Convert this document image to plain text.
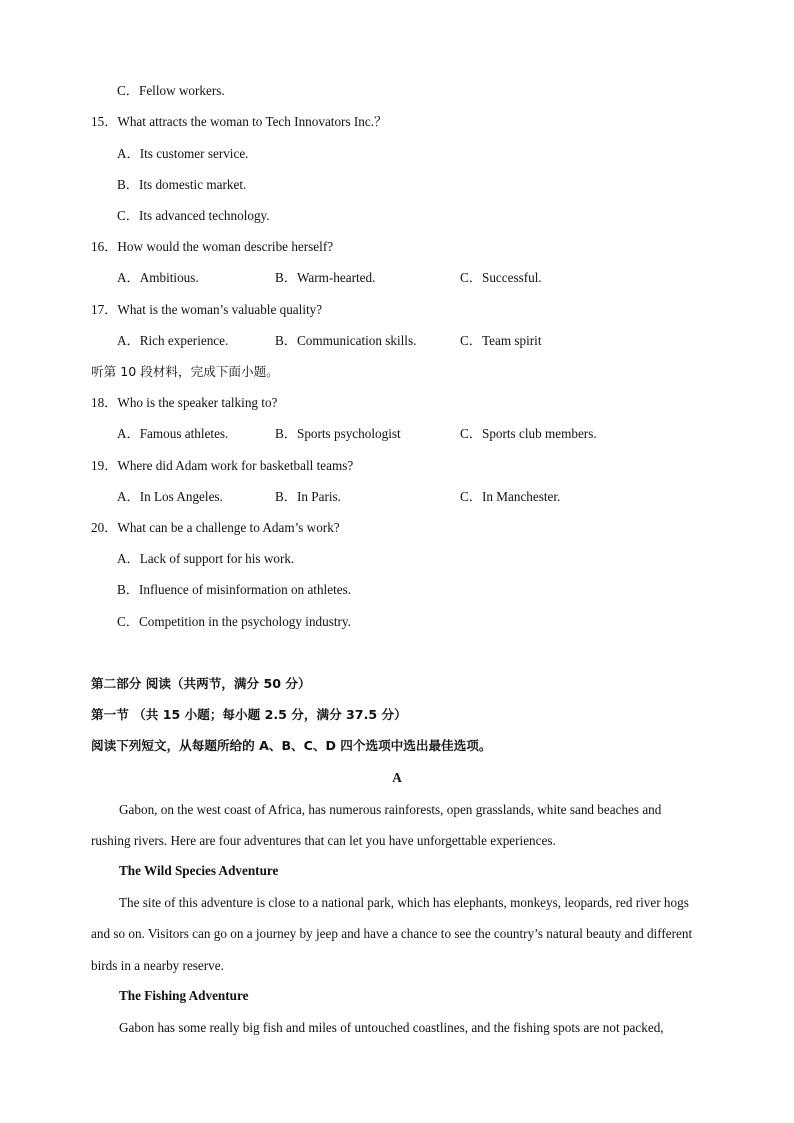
C．Fellow workers.
15．What attracts the woman to Tech Innovators Inc.？
A．Its customer service.
B．Its domestic market.
C．Its advanced technology.
16．How would the woman describe herself?
A．Ambitious.	B．Warm-hearted.	C．Successful.
17．What is the woman’s valuable quality?
A．Rich experience.	B．Communication skills.	C．Team spirit
听第 10 段材料，完成下面小题。
18．Who is the speaker talking to?
A．Famous athletes.	B．Sports psychologist	C．Sports club members.
19．Where did Adam work for basketball teams?
A．In Los Angeles.	B．In Paris.	C．In Manchester.
20．What can be a challenge to Adam’s work?
A．Lack of support for his work.
B．Influence of misinformation on athletes.
C．Competition in the psychology industry.
第二部分 阅读（共两节，满分 50 分）
第一节 （共 15 小题；每小题 2.5 分，满分 37.5 分）
阅读下列短文，从每题所给的 A、B、C、D 四个选项中选出最佳选项。
A
Gabon, on the west coast of Africa, has numerous rainforests, open grasslands, white sand beaches and rushing rivers. Here are four adventures that can let you have unforgettable experiences.
The Wild Species Adventure
The site of this adventure is close to a national park, which has elephants, monkeys, leopards, red river hogs and so on. Visitors can go on a journey by jeep and have a chance to see the country’s natural beauty and different birds in a nearby reserve.
The Fishing Adventure
Gabon has some really big fish and miles of untouched coastlines, and the fishing spots are not packed,
